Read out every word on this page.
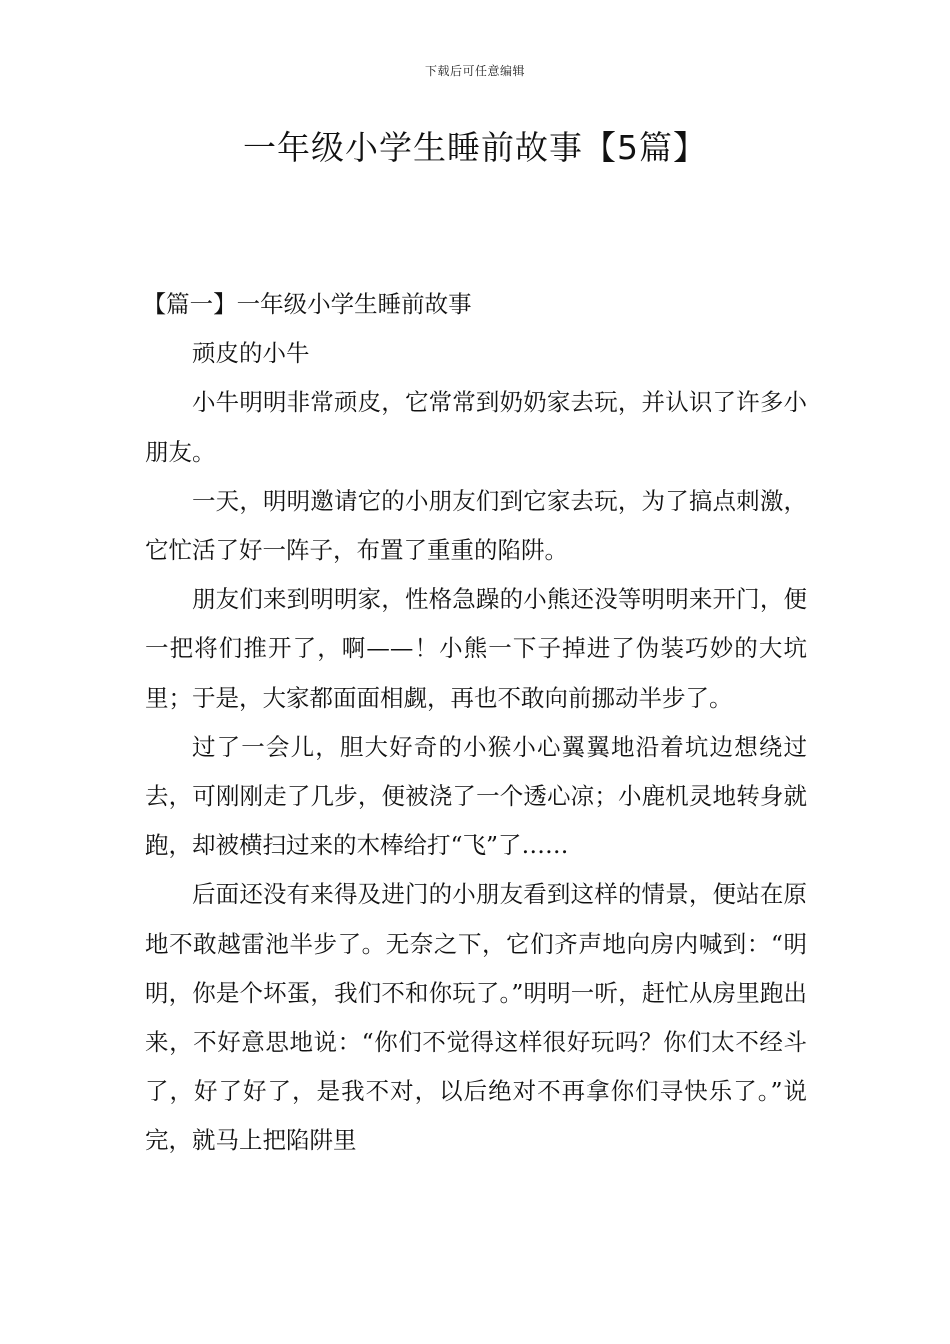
下载后可任意编辑
一年级小学生睡前故事【5篇】

【篇一】一年级小学生睡前故事

顽皮的小牛

小牛明明非常顽皮，它常常到奶奶家去玩，并认识了许多小朋友。

一天，明明邀请它的小朋友们到它家去玩，为了搞点刺激，它忙活了好一阵子，布置了重重的陷阱。

朋友们来到明明家，性格急躁的小熊还没等明明来开门，便一把将们推开了，啊——！小熊一下子掉进了伪装巧妙的大坑里；于是，大家都面面相觑，再也不敢向前挪动半步了。

过了一会儿，胆大好奇的小猴小心翼翼地沿着坑边想绕过去，可刚刚走了几步，便被浇了一个透心凉；小鹿机灵地转身就跑，却被横扫过来的木棒给打“飞”了……

后面还没有来得及进门的小朋友看到这样的情景，便站在原地不敢越雷池半步了。无奈之下，它们齐声地向房内喊到：“明明，你是个坏蛋，我们不和你玩了。”明明一听，赶忙从房里跑出来，不好意思地说：“你们不觉得这样很好玩吗？你们太不经斗了，好了好了，是我不对，以后绝对不再拿你们寻快乐了。”说完，就马上把陷阱里
